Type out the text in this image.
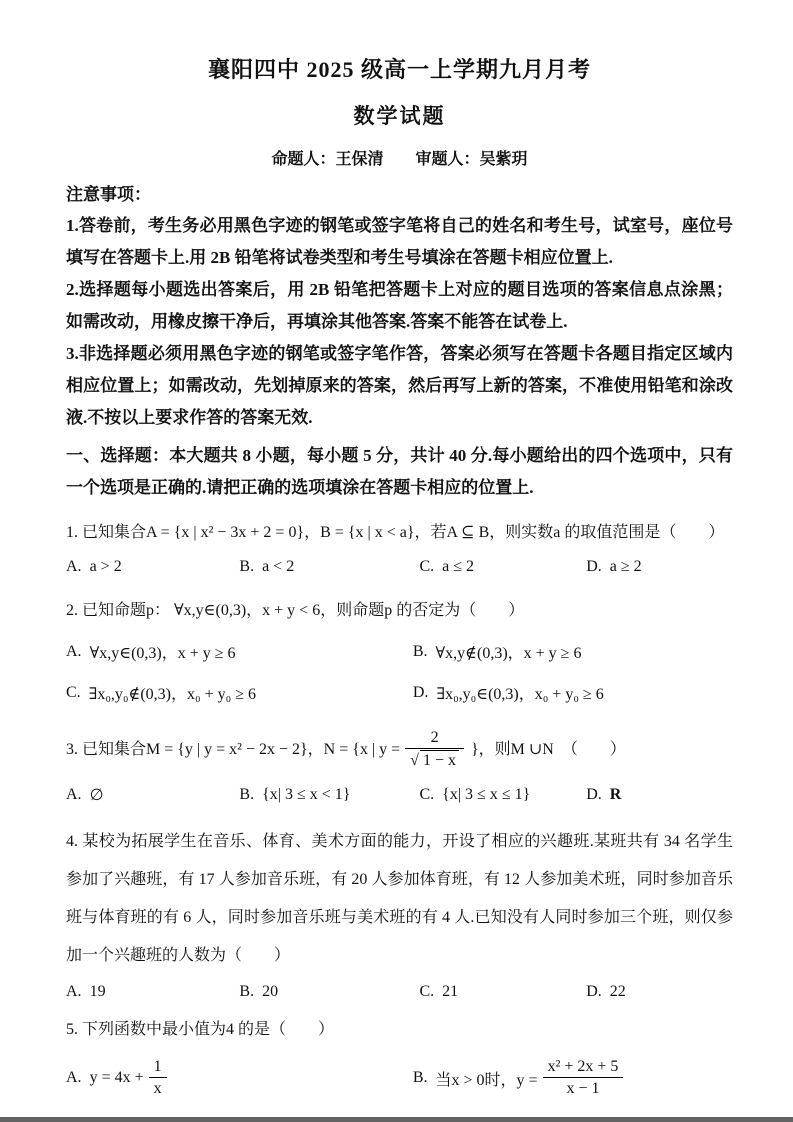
襄阳四中 2025 级高一上学期九月月考
数学试题
命题人：王保清　　审题人：吴紫玥
注意事项：
1.答卷前，考生务必用黑色字迹的钢笔或签字笔将自己的姓名和考生号，试室号，座位号填写在答题卡上.用 2B 铅笔将试卷类型和考生号填涂在答题卡相应位置上.
2.选择题每小题选出答案后，用 2B 铅笔把答题卡上对应的题目选项的答案信息点涂黑；如需改动，用橡皮擦干净后，再填涂其他答案.答案不能答在试卷上.
3.非选择题必须用黑色字迹的钢笔或签字笔作答，答案必须写在答题卡各题目指定区域内相应位置上；如需改动，先划掉原来的答案，然后再写上新的答案，不准使用铅笔和涂改液.不按以上要求作答的答案无效.
一、选择题：本大题共 8 小题，每小题 5 分，共计 40 分.每小题给出的四个选项中，只有一个选项是正确的.请把正确的选项填涂在答题卡相应的位置上.
1. 已知集合A = {x | x² − 3x + 2 = 0}，B = {x | x < a}，若A ⊆ B，则实数a 的取值范围是（　　）
A. a > 2	B. a < 2	C. a ≤ 2	D. a ≥ 2
2. 已知命题p： ∀x,y∈(0,3)，x + y < 6，则命题p 的否定为（　　）
A. ∀x,y∈(0,3)，x + y ≥ 6	B. ∀x,y∉(0,3)，x + y ≥ 6
C. ∃x₀,y₀∉(0,3)，x₀ + y₀ ≥ 6	D. ∃x₀,y₀∈(0,3)，x₀ + y₀ ≥ 6
3. 已知集合M = {y | y = x² − 2x − 2}，N = {x | $y = \frac{2}{√ 1 - x}$ }，则M ∪N　（　　）
A. ∅	B. {x| 3 ≤ x < 1}	C. {x| 3 ≤ x ≤ 1}	D. R
4. 某校为拓展学生在音乐、体育、美术方面的能力，开设了相应的兴趣班.某班共有 34 名学生参加了兴趣班，有 17 人参加音乐班，有 20 人参加体育班，有 12 人参加美术班，同时参加音乐班与体育班的有 6 人，同时参加音乐班与美术班的有 4 人.已知没有人同时参加三个班，则仅参加一个兴趣班的人数为（　　）
A. 19	B. 20	C. 21	D. 22
5. 下列函数中最小值为4 的是（　　）
A. $y = 4x + \frac{1}{x}$	B. 当x > 0时，$y = \frac{\text{x² + 2x + 5}}{x - 1}$
